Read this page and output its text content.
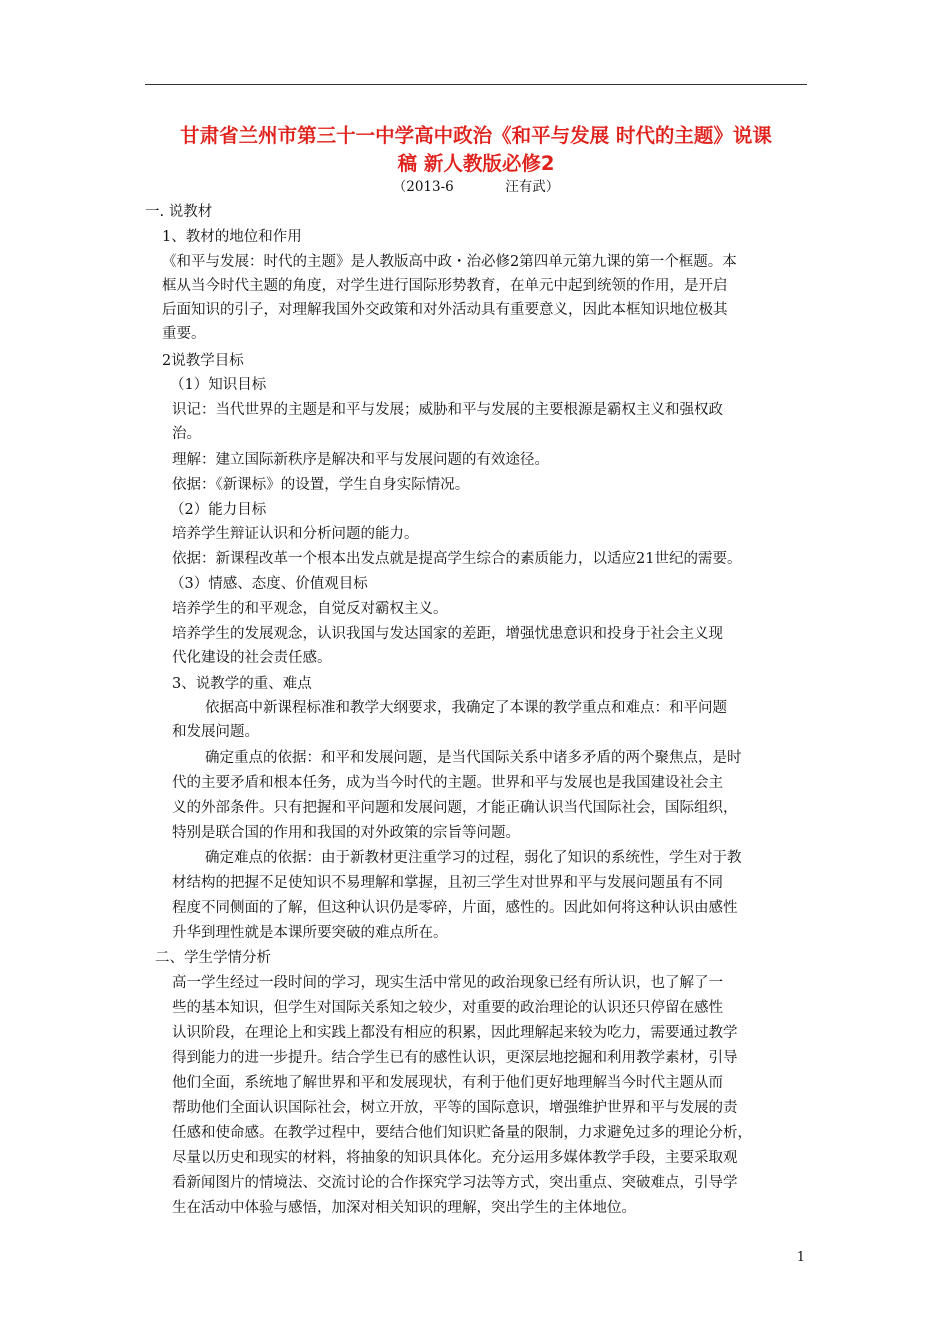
甘肃省兰州市第三十一中学高中政治《和平与发展 时代的主题》说课
稿 新人教版必修2
（2013-6            汪有武）
一. 说教材
1、教材的地位和作用
《和平与发展：时代的主题》是人教版高中政・治必修2第四单元第九课的第一个框题。本
框从当今时代主题的角度，对学生进行国际形势教育，在单元中起到统领的作用，是开启
后面知识的引子，对理解我国外交政策和对外活动具有重要意义，因此本框知识地位极其
重要。
2说教学目标
（1）知识目标
识记：当代世界的主题是和平与发展；威胁和平与发展的主要根源是霸权主义和强权政
治。
理解：建立国际新秩序是解决和平与发展问题的有效途径。
依据：《新课标》的设置，学生自身实际情况。
（2）能力目标
培养学生辩证认识和分析问题的能力。
依据：新课程改革一个根本出发点就是提高学生综合的素质能力，以适应21世纪的需要。
（3）情感、态度、价值观目标
培养学生的和平观念，自觉反对霸权主义。
培养学生的发展观念，认识我国与发达国家的差距，增强忧患意识和投身于社会主义现
代化建设的社会责任感。
3、说教学的重、难点
依据高中新课程标准和教学大纲要求，我确定了本课的教学重点和难点：和平问题
和发展问题。
确定重点的依据：和平和发展问题，是当代国际关系中诸多矛盾的两个聚焦点，是时
代的主要矛盾和根本任务，成为当今时代的主题。世界和平与发展也是我国建设社会主
义的外部条件。只有把握和平问题和发展问题，才能正确认识当代国际社会，国际组织，
特别是联合国的作用和我国的对外政策的宗旨等问题。
确定难点的依据：由于新教材更注重学习的过程，弱化了知识的系统性，学生对于教
材结构的把握不足使知识不易理解和掌握，且初三学生对世界和平与发展问题虽有不同
程度不同侧面的了解，但这种认识仍是零碎，片面，感性的。因此如何将这种认识由感性
升华到理性就是本课所要突破的难点所在。
二、学生学情分析
高一学生经过一段时间的学习，现实生活中常见的政治现象已经有所认识，也了解了一
些的基本知识，但学生对国际关系知之较少，对重要的政治理论的认识还只停留在感性
认识阶段，在理论上和实践上都没有相应的积累，因此理解起来较为吃力，需要通过教学
得到能力的进一步提升。结合学生已有的感性认识，更深层地挖掘和利用教学素材，引导
他们全面，系统地了解世界和平和发展现状，有利于他们更好地理解当今时代主题从而
帮助他们全面认识国际社会，树立开放，平等的国际意识，增强维护世界和平与发展的责
任感和使命感。在教学过程中，要结合他们知识贮备量的限制，力求避免过多的理论分析，
尽量以历史和现实的材料，将抽象的知识具体化。充分运用多媒体教学手段，主要采取观
看新闻图片的情境法、交流讨论的合作探究学习法等方式，突出重点、突破难点，引导学
生在活动中体验与感悟，加深对相关知识的理解，突出学生的主体地位。
1
